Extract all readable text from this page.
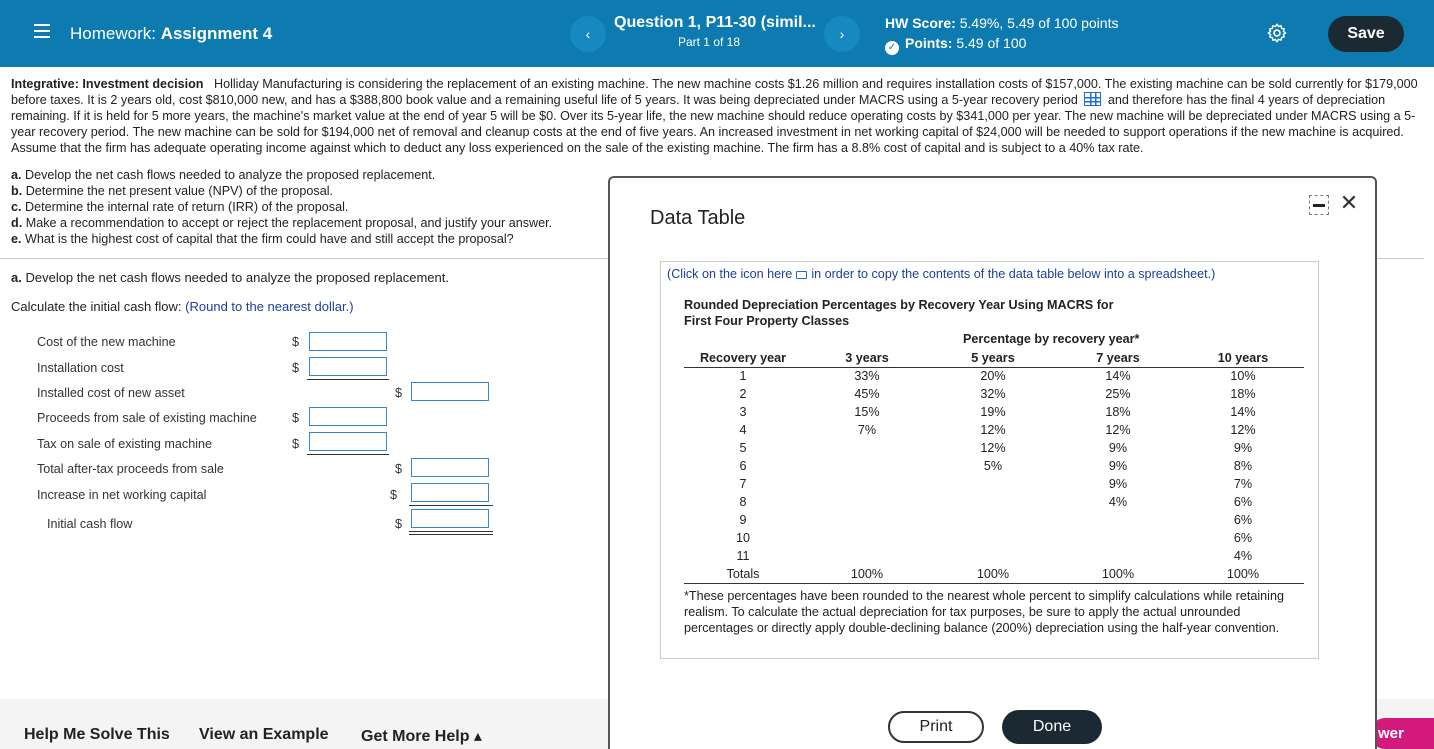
Homework: Assignment 4	‹
Question 1, P11-30 (simil...
Part 1 of 18	›
HW Score: 5.49%, 5.49 of 100 points
✓ Points: 5.49 of 100
Save
Integrative: Investment decision Holliday Manufacturing is considering the replacement of an existing machine. The new machine costs $1.26 million and requires installation costs of $157,000. The existing machine can be sold currently for $179,000 before taxes. It is 2 years old, cost $810,000 new, and has a $388,800 book value and a remaining useful life of 5 years. It was being depreciated under MACRS using a 5-year recovery period and therefore has the final 4 years of depreciation remaining. If it is held for 5 more years, the machine's market value at the end of year 5 will be $0. Over its 5-year life, the new machine should reduce operating costs by $341,000 per year. The new machine will be depreciated under MACRS using a 5-year recovery period. The new machine can be sold for $194,000 net of removal and cleanup costs at the end of five years. An increased investment in net working capital of $24,000 will be needed to support operations if the new machine is acquired. Assume that the firm has adequate operating income against which to deduct any loss experienced on the sale of the existing machine. The firm has a 8.8% cost of capital and is subject to a 40% tax rate.
a. Develop the net cash flows needed to analyze the proposed replacement.
b. Determine the net present value (NPV) of the proposal.
c. Determine the internal rate of return (IRR) of the proposal.
d. Make a recommendation to accept or reject the replacement proposal, and justify your answer.
e. What is the highest cost of capital that the firm could have and still accept the proposal?
a. Develop the net cash flows needed to analyze the proposed replacement.
Calculate the initial cash flow: (Round to the nearest dollar.)
Cost of the new machine	$
Installation cost	$
Installed cost of new asset	$
Proceeds from sale of existing machine	$
Tax on sale of existing machine	$
Total after-tax proceeds from sale	$
Increase in net working capital	$
Initial cash flow	$
Help Me Solve This View an Example Get More Help ▴	wer
Data Table
✕
(Click on the icon here in order to copy the contents of the data table below into a spreadsheet.)
Rounded Depreciation Percentages by Recovery Year Using MACRS for
First Four Property Classes
Percentage by recovery year*
Recovery year	3 years	5 years	7 years	10 years
1	33%	20%	14%	10%
2	45%	32%	25%	18%
3	15%	19%	18%	14%
4	7%	12%	12%	12%
5		12%	9%	9%
6		5%	9%	8%
7			9%	7%
8			4%	6%
9				6%
10				6%
11				4%
Totals	100%	100%	100%	100%
*These percentages have been rounded to the nearest whole percent to simplify calculations while retaining realism. To calculate the actual depreciation for tax purposes, be sure to apply the actual unrounded percentages or directly apply double-declining balance (200%) depreciation using the half-year convention.
Print	Done
